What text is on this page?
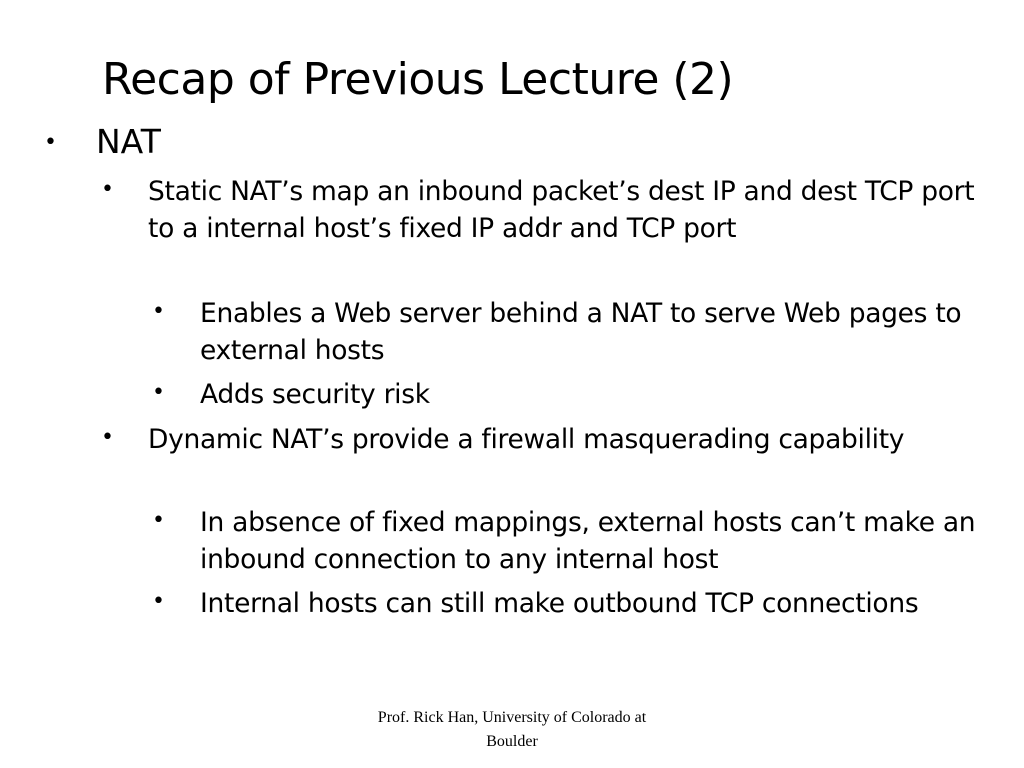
Recap of Previous Lecture (2)
• NAT
• Static NAT’s map an inbound packet’s dest IP and dest TCP port to a internal host’s fixed IP addr and TCP port
• Enables a Web server behind a NAT to serve Web pages to external hosts
• Adds security risk
• Dynamic NAT’s provide a firewall masquerading capability
• In absence of fixed mappings, external hosts can’t make an inbound connection to any internal host
• Internal hosts can still make outbound TCP connections
Prof. Rick Han, University of Colorado at Boulder
